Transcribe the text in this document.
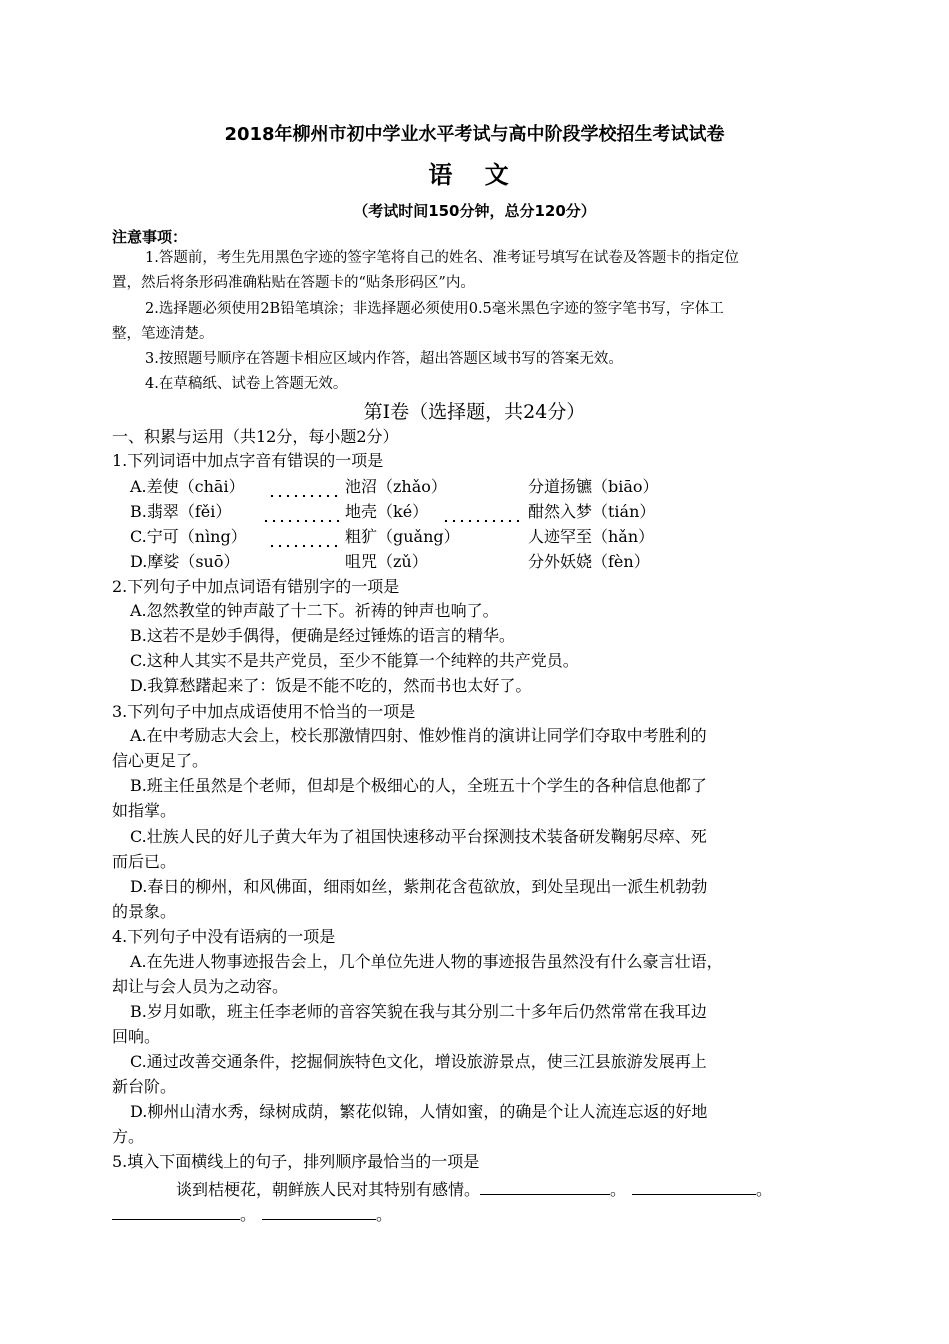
2018年柳州市初中学业水平考试与高中阶段学校招生考试试卷
语 文
（考试时间150分钟，总分120分）
注意事项：
1.答题前，考生先用黑色字迹的签字笔将自己的姓名、准考证号填写在试卷及答题卡的指定位
置，然后将条形码准确粘贴在答题卡的“贴条形码区”内。
2.选择题必须使用2B铅笔填涂；非选择题必须使用0.5毫米黑色字迹的签字笔书写，字体工
整，笔迹清楚。
3.按照题号顺序在答题卡相应区域内作答，超出答题区域书写的答案无效。
4.在草稿纸、试卷上答题无效。
第Ⅰ卷（选择题，共24分）
一、积累与运用（共12分，每小题2分）
1.下列词语中加点字音有错误的一项是
A.差使（chāi）	池沼（zhǎo）	分道扬镳（biāo）
B.翡翠（fěi）	地壳（ké）	酣然入梦（tián）
C.宁可（nìng）	粗犷（guǎng）	人迹罕至（hǎn）
D.摩娑（suō）	咀咒（zǔ）	分外妖娆（fèn）
2.下列句子中加点词语有错别字的一项是
A.忽然教堂的钟声敲了十二下。祈祷的钟声也响了。
B.这若不是妙手偶得，便确是经过锤炼的语言的精华。
C.这种人其实不是共产党员，至少不能算一个纯粹的共产党员。
D.我算愁躇起来了：饭是不能不吃的，然而书也太好了。
3.下列句子中加点成语使用不恰当的一项是
A.在中考励志大会上，校长那激情四射、惟妙惟肖的演讲让同学们夺取中考胜利的
信心更足了。
B.班主任虽然是个老师，但却是个极细心的人，全班五十个学生的各种信息他都了
如指掌。
C.壮族人民的好儿子黄大年为了祖国快速移动平台探测技术装备研发鞠躬尽瘁、死
而后已。
D.春日的柳州，和风佛面，细雨如丝，紫荆花含苞欲放，到处呈现出一派生机勃勃
的景象。
4.下列句子中没有语病的一项是
A.在先进人物事迹报告会上，几个单位先进人物的事迹报告虽然没有什么豪言壮语，
却让与会人员为之动容。
B.岁月如歌，班主任李老师的音容笑貌在我与其分别二十多年后仍然常常在我耳边
回响。
C.通过改善交通条件，挖掘侗族特色文化，增设旅游景点，使三江县旅游发展再上
新台阶。
D.柳州山清水秀，绿树成荫，繁花似锦，人情如蜜，的确是个让人流连忘返的好地
方。
5.填入下面横线上的句子，排列顺序最恰当的一项是
谈到桔梗花，朝鲜族人民对其特别有感情。	。	。
。	。
